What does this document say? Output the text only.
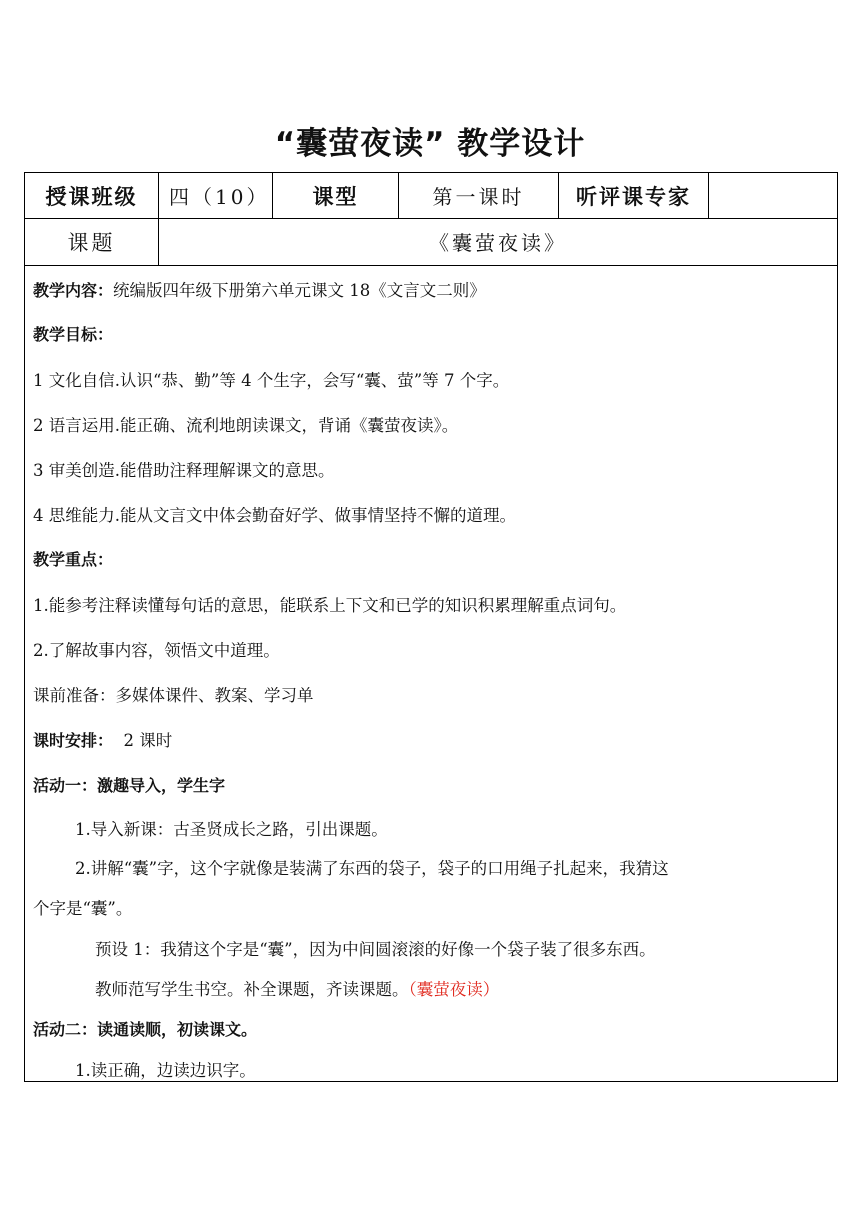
“囊萤夜读” 教学设计
授课班级	四（10）	课型	第一课时	听评课专家
课题	《囊萤夜读》
教学内容：统编版四年级下册第六单元课文 18《文言文二则》
教学目标：
1 文化自信.认识“恭、勤”等 4 个生字，会写“囊、萤”等 7 个字。
2 语言运用.能正确、流利地朗读课文，背诵《囊萤夜读》。
3 审美创造.能借助注释理解课文的意思。
4 思维能力.能从文言文中体会勤奋好学、做事情坚持不懈的道理。
教学重点：
1.能参考注释读懂每句话的意思，能联系上下文和已学的知识积累理解重点词句。
2.了解故事内容，领悟文中道理。
课前准备：多媒体课件、教案、学习单
课时安排： 2 课时
活动一：激趣导入，学生字
1.导入新课：古圣贤成长之路，引出课题。
2.讲解“囊”字，这个字就像是装满了东西的袋子，袋子的口用绳子扎起来，我猜这
个字是“囊”。
预设 1：我猜这个字是“囊”，因为中间圆滚滚的好像一个袋子装了很多东西。
教师范写学生书空。补全课题，齐读课题。（囊萤夜读）
活动二：读通读顺，初读课文。
1.读正确，边读边识字。
